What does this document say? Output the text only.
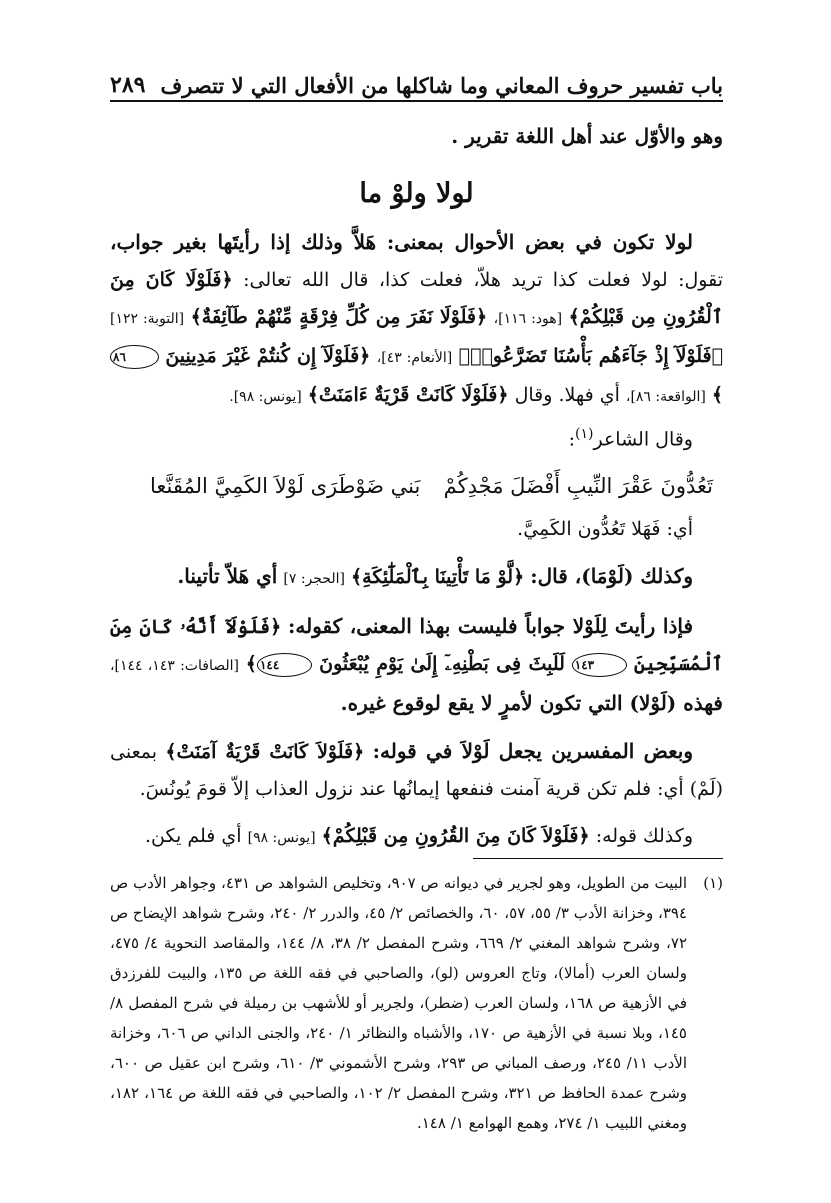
باب تفسير حروف المعاني وما شاكلها من الأفعال التي لا تتصرف
٢٨٩

وهو والأوّل عند أهل اللغة تقرير .

لولا ولوْ ما

لولا تكون في بعض الأحوال بمعنى: هَلاَّ وذلك إذا رأيتَها بغير جواب، تقول: لولا فعلت كذا تريد هلاّ، فعلت كذا، قال الله تعالى: ﴿فَلَوْلَا كَانَ مِنَ ٱلْقُرُونِ مِن قَبْلِكُمْ﴾ [هود: ١١٦]، ﴿فَلَوْلَا نَفَرَ مِن كُلِّ فِرْقَةٍ مِّنْهُمْ طَآئِفَةٌ﴾ [التوبة: ١٢٢] ﴿فَلَوْلَآ إِذْ جَآءَهُم بَأْسُنَا تَضَرَّعُوا۟﴾ [الأنعام: ٤٣]، ﴿فَلَوْلَآ إِن كُنتُمْ غَيْرَ مَدِينِينَ ٨٦﴾ [الواقعة: ٨٦]، أي فهلا. وقال ﴿فَلَوْلَا كَانَتْ قَرْيَةٌ ءَامَنَتْ﴾ [يونس: ٩٨].

وقال الشاعر$^{(١)}$:

تَعُدُّونَ عَقْرَ النِّيبِ أَفْضَلَ مَجْدِكُمْ
بَني ضَوْطَرَى لَوْلاَ الكَمِيَّ المُقَنَّعا

أي: فَهَلا تَعُدُّون الكَمِيَّ.

وكذلك (لَوْمَا)، قال: ﴿لَّوْ مَا تَأْتِينَا بِٱلْمَلَٰٓئِكَةِ﴾ [الحجر: ٧] أي هَلاّ تأتينا.

فإذا رأيتَ لِلَوْلا جواباً فليست بهذا المعنى، كقوله: ﴿فَلَوْلَآ أَنَّهُۥ كَانَ مِنَ ٱلْمُسَبِّحِينَ ١٤٣ لَلَبِثَ فِى بَطْنِهِۦٓ إِلَىٰ يَوْمِ يُبْعَثُونَ ١٤٤﴾ [الصافات: ١٤٣، ١٤٤]، فهذه (لَوْلا) التي تكون لأمرٍ لا يقع لوقوع غيره.

وبعض المفسرين يجعل لَوْلاَ في قوله: ﴿فَلَوْلاَ كَانَتْ قَرْيَةٌ آمَنَتْ﴾ بمعنى (لَمْ) أي: فلم تكن قرية آمنت فنفعها إيمانُها عند نزول العذاب إلاّ قومَ يُونُسَ.

وكذلك قوله: ﴿فَلَوْلاَ كَانَ مِنَ القُرُونِ مِن قَبْلِكُمْ﴾ [يونس: ٩٨] أي فلم يكن.

(١)
البيت من الطويل، وهو لجرير في ديوانه ص ٩٠٧، وتخليص الشواهد ص ٤٣١، وجواهر الأدب ص ٣٩٤، وخزانة الأدب ٣/ ٥٥، ٥٧، ٦٠، والخصائص ٢/ ٤٥، والدرر ٢/ ٢٤٠، وشرح شواهد الإيضاح ص ٧٢، وشرح شواهد المغني ٢/ ٦٦٩، وشرح المفصل ٢/ ٣٨، ٨/ ١٤٤، والمقاصد النحوية ٤/ ٤٧٥، ولسان العرب (أمالا)، وتاج العروس (لو)، والصاحبي في فقه اللغة ص ١٣٥، والبيت للفرزدق في الأزهية ص ١٦٨، ولسان العرب (ضطر)، ولجرير أو للأشهب بن رميلة في شرح المفصل ٨/ ١٤٥، وبلا نسبة في الأزهية ص ١٧٠، والأشباه والنظائر ١/ ٢٤٠، والجنى الداني ص ٦٠٦، وخزانة الأدب ١١/ ٢٤٥، ورصف المباني ص ٢٩٣، وشرح الأشموني ٣/ ٦١٠، وشرح ابن عقيل ص ٦٠٠، وشرح عمدة الحافظ ص ٣٢١، وشرح المفصل ٢/ ١٠٢، والصاحبي في فقه اللغة ص ١٦٤، ١٨٢، ومغني اللبيب ١/ ٢٧٤، وهمع الهوامع ١/ ١٤٨.
